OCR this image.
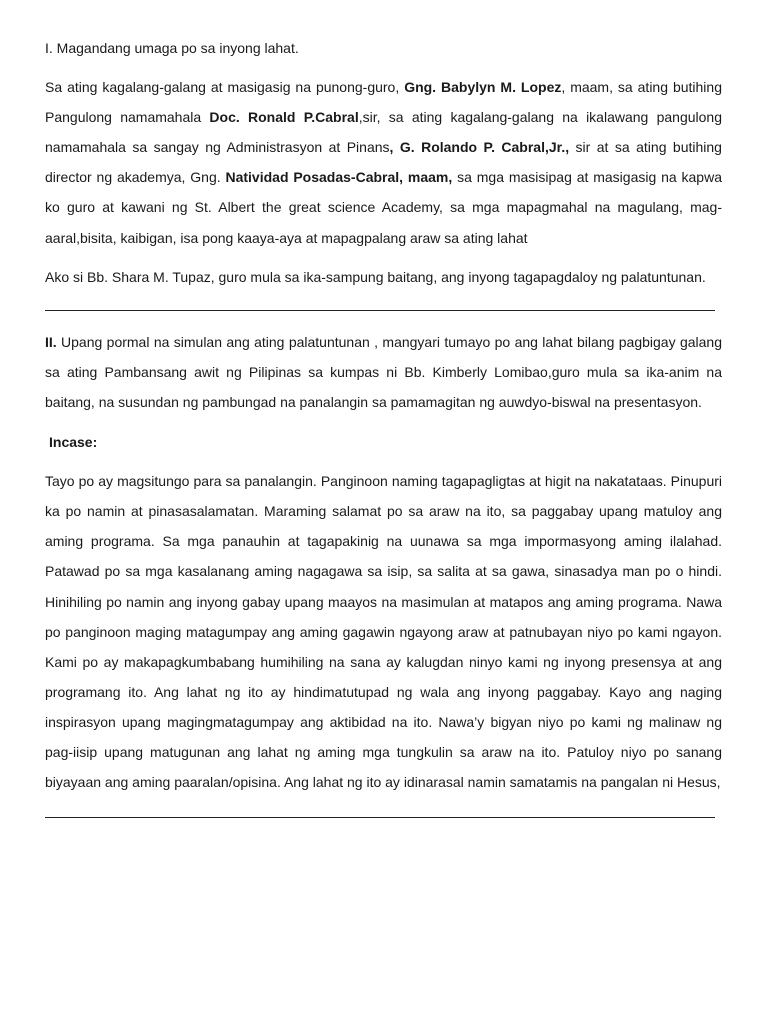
I. Magandang umaga po sa inyong lahat.

Sa ating kagalang-galang at masigasig na punong-guro, Gng. Babylyn M. Lopez, maam, sa ating butihing Pangulong namamahala Doc. Ronald P.Cabral,sir, sa ating kagalang-galang na ikalawang pangulong namamahala sa sangay ng Administrasyon at Pinans, G. Rolando P. Cabral,Jr., sir at sa ating butihing director ng akademya, Gng. Natividad Posadas-Cabral, maam, sa mga masisipag at masigasig na kapwa ko guro at kawani ng St. Albert the great science Academy, sa mga mapagmahal na magulang, mag-aaral,bisita, kaibigan, isa pong kaaya-aya at mapagpalang araw sa ating lahat

Ako si Bb. Shara M. Tupaz, guro mula sa ika-sampung baitang, ang inyong tagapagdaloy ng palatuntunan.

II. Upang pormal na simulan ang ating palatuntunan , mangyari tumayo po ang lahat bilang pagbigay galang sa ating Pambansang awit ng Pilipinas sa kumpas ni Bb. Kimberly Lomibao,guro mula sa ika-anim na baitang, na susundan ng pambungad na panalangin sa pamamagitan ng auwdyo-biswal na presentasyon.

Incase:

Tayo po ay magsitungo para sa panalangin. Panginoon naming tagapagligtas at higit na nakatataas. Pinupuri ka po namin at pinasasalamatan. Maraming salamat po sa araw na ito, sa paggabay upang matuloy ang aming programa. Sa mga panauhin at tagapakinig na uunawa sa mga impormasyong aming ilalahad. Patawad po sa mga kasalanang aming nagagawa sa isip, sa salita at sa gawa, sinasadya man po o hindi. Hinihiling po namin ang inyong gabay upang maayos na masimulan at matapos ang aming programa. Nawa po panginoon maging matagumpay ang aming gagawin ngayong araw at patnubayan niyo po kami ngayon. Kami po ay makapagkumbabang humihiling na sana ay kalugdan ninyo kami ng inyong presensya at ang programang ito. Ang lahat ng ito ay hindimatutupad ng wala ang inyong paggabay. Kayo ang naging inspirasyon upang magingmatagumpay ang aktibidad na ito. Nawa’y bigyan niyo po kami ng malinaw ng pag-iisip upang matugunan ang lahat ng aming mga tungkulin sa araw na ito. Patuloy niyo po sanang biyayaan ang aming paaralan/opisina. Ang lahat ng ito ay idinarasal namin samatamis na pangalan ni Hesus,
